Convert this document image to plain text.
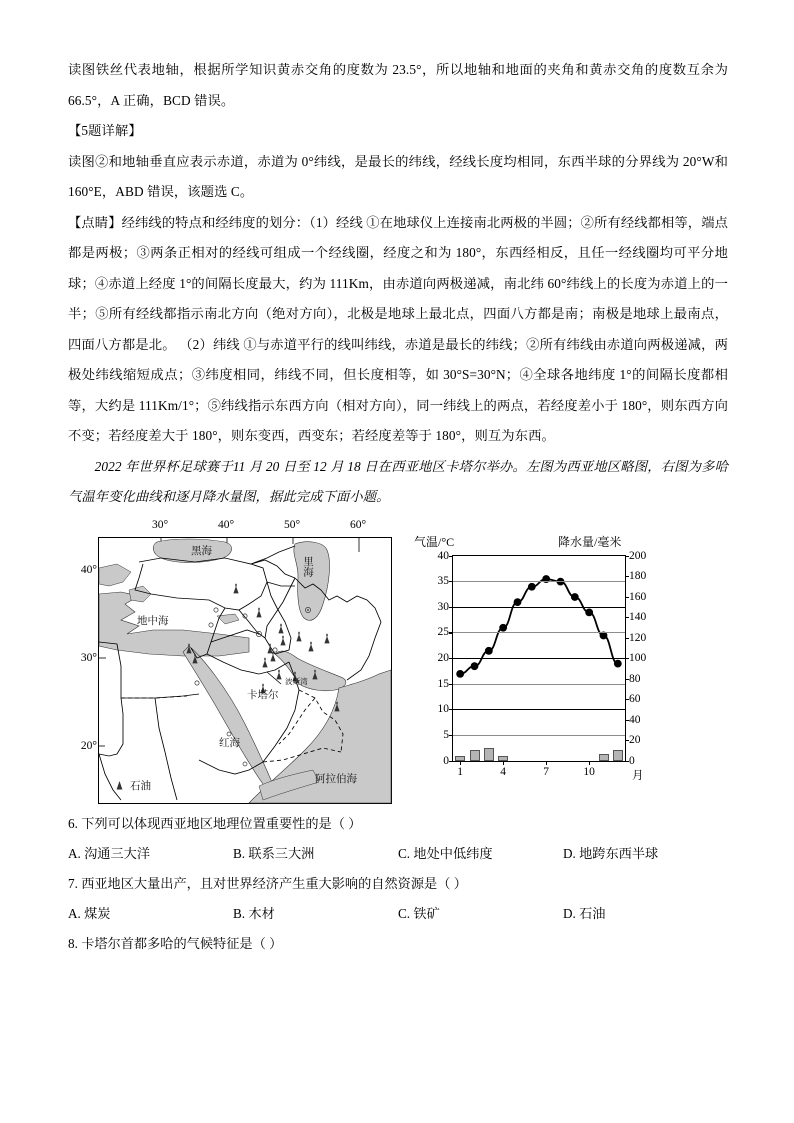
读图铁丝代表地轴，根据所学知识黄赤交角的度数为 23.5°，所以地轴和地面的夹角和黄赤交角的度数互余为 66.5°，A 正确，BCD 错误。

【5题详解】

读图②和地轴垂直应表示赤道，赤道为 0°纬线，是最长的纬线，经线长度均相同，东西半球的分界线为 20°W和 160°E，ABD 错误，该题选 C。

【点睛】经纬线的特点和经纬度的划分：（1）经线 ①在地球仪上连接南北两极的半圆；②所有经线都相等，端点都是两极；③两条正相对的经线可组成一个经线圈，经度之和为 180°，东西经相反，且任一经线圈均可平分地球；④赤道上经度 1°的间隔长度最大，约为 111Km，由赤道向两极递减，南北纬 60°纬线上的长度为赤道上的一半；⑤所有经线都指示南北方向（绝对方向），北极是地球上最北点，四面八方都是南；南极是地球上最南点，四面八方都是北。 （2）纬线 ①与赤道平行的线叫纬线，赤道是最长的纬线；②所有纬线由赤道向两极递减，两极处纬线缩短成点；③纬度相同，纬线不同，但长度相等，如 30°S=30°N；④全球各地纬度 1°的间隔长度都相等，大约是 111Km/1°；⑤纬线指示东西方向（相对方向），同一纬线上的两点，若经度差小于 180°，则东西方向不变；若经度差大于 180°，则东变西，西变东；若经度差等于 180°，则互为东西。

2022 年世界杯足球赛于11 月 20 日至 12 月 18 日在西亚地区卡塔尔举办。左图为西亚地区略图，右图为多哈气温年变化曲线和逐月降水量图，据此完成下面小题。

30°	40°	50°	60°
40°
30°
20°
黑海
里海
地中海
红海
阿拉伯海
波斯湾
卡塔尔
石油
气温/°C	降水量/毫米
0
5
10
15
20
25
30
35
40
0
20
40
60
80
100
120
140
160
180
200
1	4	7	10	月

6. 下列可以体现西亚地区地理位置重要性的是（ ）

A. 沟通三大洋	B. 联系三大洲	C. 地处中低纬度	D. 地跨东西半球

7. 西亚地区大量出产，且对世界经济产生重大影响的自然资源是（ ）

A. 煤炭	B. 木材	C. 铁矿	D. 石油

8. 卡塔尔首都多哈的气候特征是（ ）
